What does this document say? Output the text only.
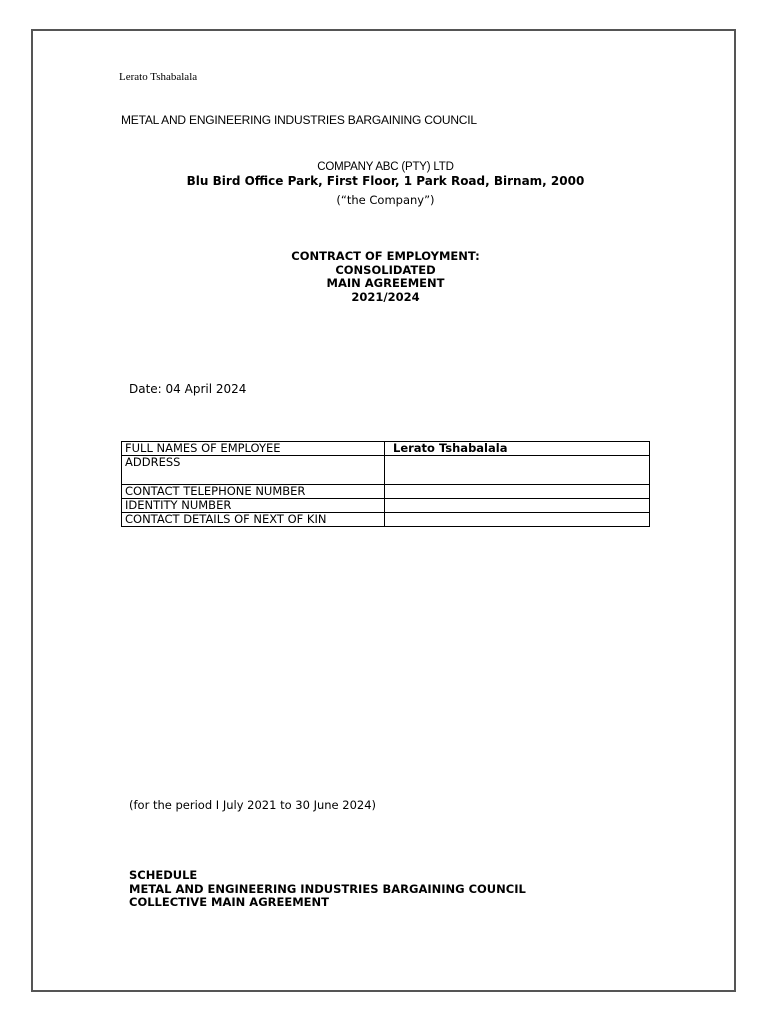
Lerato Tshabalala
METAL AND ENGINEERING INDUSTRIES BARGAINING COUNCIL
COMPANY ABC (PTY) LTD
Blu Bird Office Park, First Floor, 1 Park Road, Birnam, 2000
(“the Company”)
CONTRACT OF EMPLOYMENT:
CONSOLIDATED
MAIN AGREEMENT
2021/2024
Date: 04 April 2024
FULL NAMES OF EMPLOYEE	Lerato Tshabalala
ADDRESS	
CONTACT TELEPHONE NUMBER	
IDENTITY NUMBER	
CONTACT DETAILS OF NEXT OF KIN	
(for the period I July 2021 to 30 June 2024)
SCHEDULE
METAL AND ENGINEERING INDUSTRIES BARGAINING COUNCIL
COLLECTIVE MAIN AGREEMENT
